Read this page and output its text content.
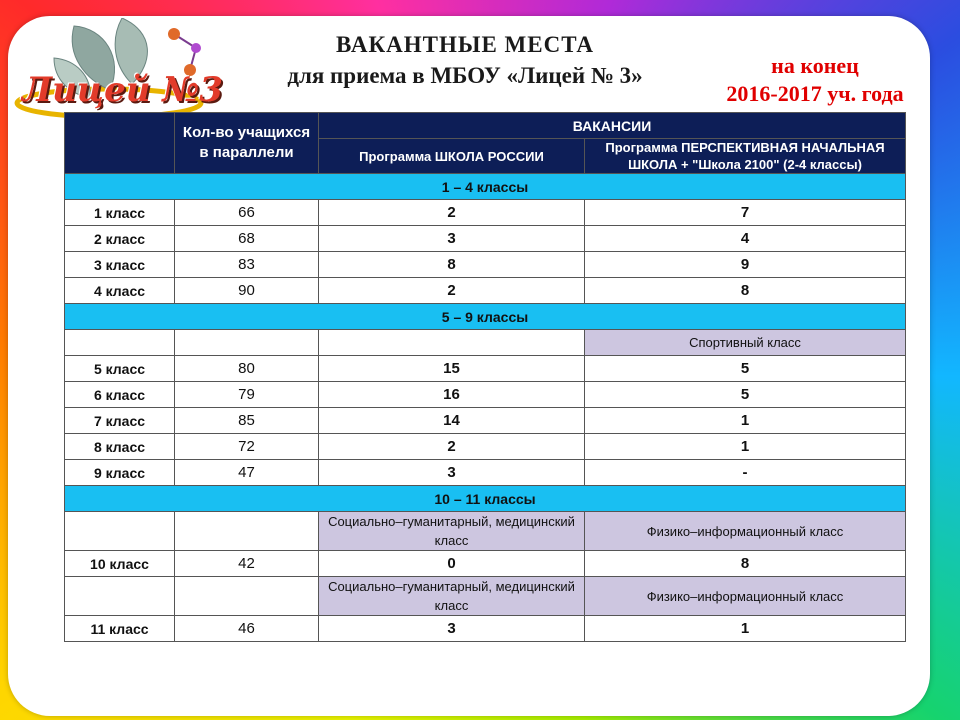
Лицей №3
ВАКАНТНЫЕ МЕСТА
для приема в МБОУ «Лицей № 3»	на конец
2016-2017 уч. года
	Кол-во учащихся в параллели	ВАКАНСИИ	
		Программа ШКОЛА РОССИИ	Программа ПЕРСПЕКТИВНАЯ НАЧАЛЬНАЯ ШКОЛА + "Школа 2100" (2-4 классы)
1 – 4 классы			
1 класс	66	2	7
2 класс	68	3	4
3 класс	83	8	9
4 класс	90	2	8
5 – 9 классы			
			Спортивный класс
5 класс	80	15	5
6 класс	79	16	5
7 класс	85	14	1
8 класс	72	2	1
9 класс	47	3	-
10 – 11 классы			
		Социально–гуманитарный, медицинский класс	Физико–информационный класс
10 класс	42	0	8
		Социально–гуманитарный, медицинский класс	Физико–информационный класс
11 класс	46	3	1
